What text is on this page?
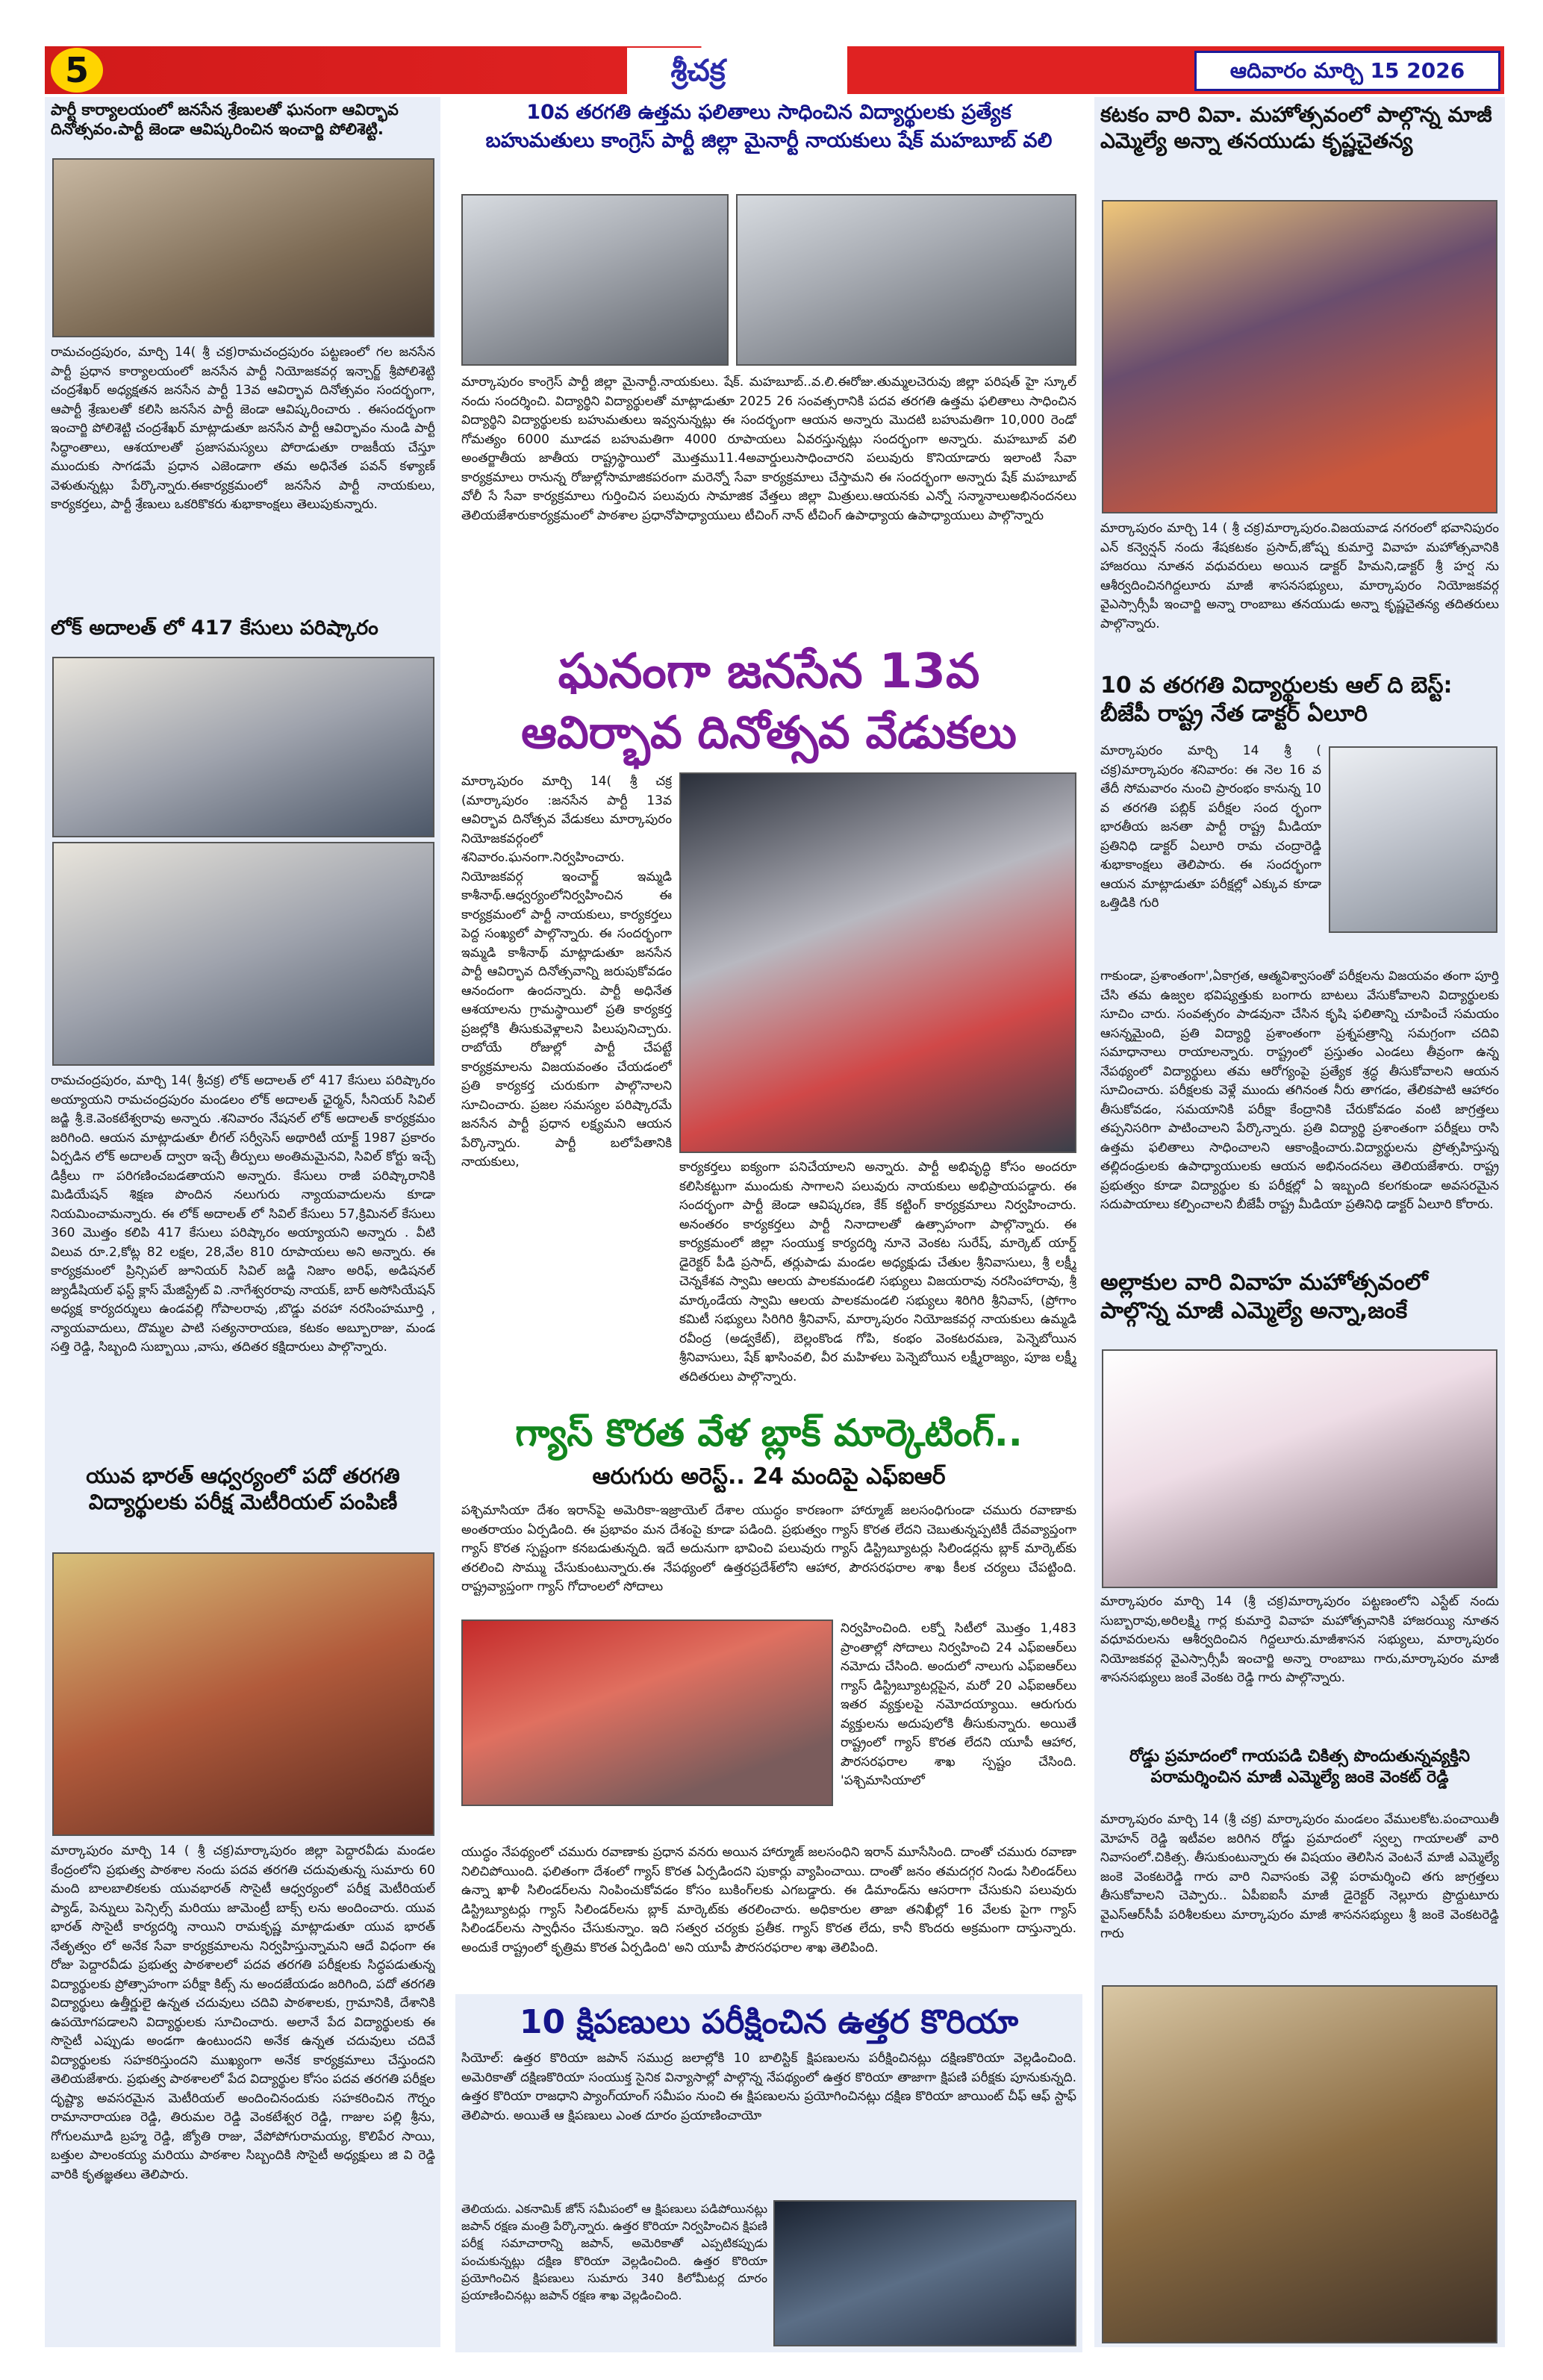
5	శ్రీచక్ర	ఆదివారం మార్చి 15 2026
పార్టీ కార్యాలయంలో జనసేన శ్రేణులతో ఘనంగా ఆవిర్భావ దినోత్సవం.పార్టీ జెండా ఆవిష్కరించిన ఇంచార్జి పోలిశెట్టి.
రామచంద్రపురం, మార్చి 14( శ్రీ చక్ర)రామచంద్రపురం పట్టణంలో గల జనసేన పార్టీ ప్రధాన కార్యాలయంలో జనసేన పార్టీ నియోజకవర్గ ఇన్చార్జ్ శ్రీపోలిశెట్టి చంద్రశేఖర్ అధ్యక్షతన జనసేన పార్టీ 13వ ఆవిర్భావ దినోత్సవం సందర్భంగా, ఆపార్టీ శ్రేణులతో కలిసి జనసేన పార్టీ జెండా ఆవిష్కరించారు . ఈసందర్భంగా ఇంచార్జి పోలిశెట్టి చంద్రశేఖర్ మాట్లాడుతూ జనసేన పార్టీ ఆవిర్భావం నుండి పార్టీ సిద్ధాంతాలు, ఆశయాలతో ప్రజాసమస్యలు పోరాడుతూ రాజకీయ చేస్తూ ముందుకు సాగడమే ప్రధాన ఎజెండాగా తమ అధినేత పవన్ కళ్యాణ్ వెళుతున్నట్లు పేర్కొన్నారు.ఈకార్యక్రమంలో జనసేన పార్టీ నాయకులు, కార్యకర్తలు, పార్టీ శ్రేణులు ఒకరికొకరు శుభాకాంక్షలు తెలుపుకున్నారు.
లోక్ అదాలత్ లో 417 కేసులు పరిష్కారం
రామచంద్రపురం, మార్చి 14( శ్రీచక్ర) లోక్ అదాలత్ లో 417 కేసులు పరిష్కారం అయ్యాయని రామచంద్రపురం మండలం లోక్ అదాలత్ ఛైర్మన్, సీనియర్ సివిల్ జడ్జి శ్రీ.కె.వెంకటేశ్వరావు అన్నారు .శనివారం నేషనల్ లోక్ అదాలత్ కార్యక్రమం జరిగింది. ఆయన మాట్లాడుతూ లీగల్ సర్వీసెస్ అథారిటీ యాక్ట్ 1987 ప్రకారం ఏర్పడిన లోక్ అదాలత్ ద్వారా ఇచ్చే తీర్పులు అంతిమమైనవి, సివిల్ కోర్టు ఇచ్చే డిక్రీలు గా పరిగణించబడతాయని అన్నారు. కేసులు రాజీ పరిష్కారానికి మిడియేషన్ శిక్షణ పొందిన నలుగురు న్యాయవాదులను కూడా నియమించామన్నారు. ఈ లోక్ అదాలత్ లో సివిల్ కేసులు 57,క్రిమినల్ కేసులు 360 మొత్తం కలిపి 417 కేసులు పరిష్కారం అయ్యాయని అన్నారు . వీటి విలువ రూ.2,కోట్ల 82 లక్షల, 28,వేల 810 రూపాయలు అని అన్నారు. ఈ కార్యక్రమంలో ప్రిన్సిపల్ జూనియర్ సివిల్ జడ్జి నిజాం అరిఫ్, అడిషనల్ జ్యుడీషియల్ ఫస్ట్ క్లాస్ మేజిస్ట్రేట్ వి .నాగేశ్వరరావు నాయక్, బార్ అసోసియేషన్ అధ్యక్ష కార్యదర్శులు ఉండవల్లి గోపాలరావు ,బొడ్డు వరహా నరసింహమూర్తి , న్యాయవాదులు, దొమ్మల పాటి సత్యనారాయణ, కటకం అబ్బూరాజు, మండ సత్తి రెడ్డి, సిబ్బంది సుబ్బాయి ,వాసు, తదితర కక్షిదారులు పాల్గొన్నారు.
యువ భారత్ ఆధ్వర్యంలో పదో తరగతి విద్యార్థులకు పరీక్ష మెటీరియల్ పంపిణీ
మార్కాపురం మార్చి 14 ( శ్రీ చక్ర)మార్కాపురం జిల్లా పెద్దారవీడు మండల కేంద్రంలోని ప్రభుత్వ పాఠశాల నందు పదవ తరగతి చదువుతున్న సుమారు 60 మంది బాలబాలికలకు యువభారత్ సొసైటీ ఆధ్వర్యంలో పరీక్ష మెటీరియల్ ప్యాడ్, పెన్నులు పెన్సిల్స్ మరియు జామెంట్రీ బాక్స్ లను అందించారు. యువ భారత్ సొసైటీ కార్యదర్శి నాయిని రామకృష్ణ మాట్లాడుతూ యువ భారత్ నేతృత్వం లో అనేక సేవా కార్యక్రమాలను నిర్వహిస్తున్నామని ఆదే విధంగా ఈ రోజు పెద్దారవీడు ప్రభుత్వ పాఠశాలలో పదవ తరగతి పరీక్షలకు సిద్ధపడుతున్న విద్యార్థులకు ప్రోత్సాహంగా పరీక్షా కిట్స్ ను అందజేయడం జరిగింది, పదో తరగతి విద్యార్థులు ఉత్తీర్ణులై ఉన్నత చదువులు చదివి పాఠశాలకు, గ్రామానికి, దేశానికి ఉపయోగపడాలని విద్యార్థులకు సూచించారు. అలానే పేద విద్యార్థులకు ఈ సొసైటీ ఎప్పుడు అండగా ఉంటుందని అనేక ఉన్నత చదువులు చదివే విద్యార్థులకు సహకరిస్తుందని ముఖ్యంగా అనేక కార్యక్రమాలు చేస్తుందని తెలియజేశారు. ప్రభుత్వ పాఠశాలలో పేద విద్యార్థుల కోసం పదవ తరగతి పరీక్షల దృష్ట్యా అవసరమైన మెటీరియల్ అందించినందుకు సహకరించిన గౌర్నం రామానారాయణ రెడ్డి, తిరుమల రెడ్డి వెంకటేశ్వర రెడ్డి, గాజుల పల్లి శ్రీను, గోగులమూడి బ్రహ్మ రెడ్డి, జ్యోతి రాజు, వేపోపోగురామయ్య, కొలిపేర సాయి, బత్తుల పాలంకయ్య మరియు పాఠశాల సిబ్బందికి సొసైటీ అధ్యక్షులు జి వి రెడ్డి వారికి కృతజ్ఞతలు తెలిపారు.
10వ తరగతి ఉత్తమ ఫలితాలు సాధించిన విద్యార్థులకు ప్రత్యేక
బహుమతులు కాంగ్రెస్ పార్టీ జిల్లా మైనార్టీ నాయకులు షేక్ మహబూబ్ వలి
మార్కాపురం కాంగ్రెస్ పార్టీ జిల్లా మైనార్టీ.నాయకులు. షేక్. మహబూబ్..వ.లి.ఈరోజు.తుమ్మలచెరువు జిల్లా పరిషత్ హై స్కూల్ నందు సందర్శించి. విద్యార్థిని విద్యార్థులతో మాట్లాడుతూ 2025 26 సంవత్సరానికి పదవ తరగతి ఉత్తమ ఫలితాలు సాధించిన విద్యార్థిని విద్యార్థులకు బహుమతులు ఇవ్వనున్నట్లు ఈ సందర్భంగా ఆయన అన్నారు మొదటి బహుమతిగా 10,000 రెండో గోమత్యం 6000 మూడవ బహుమతిగా 4000 రూపాయలు ఏవరస్తున్నట్లు సందర్భంగా అన్నారు. మహబూబ్ వలి అంతర్జాతీయ జాతీయ రాష్ట్రస్థాయిలో మొత్తము11.4అవార్డులుసాధించారని పలువురు కొనియాడారు ఇలాంటి సేవా కార్యక్రమాలు రానున్న రోజుల్లోసామాజికపరంగా మరెన్నో సేవా కార్యక్రమాలు చేస్తామని ఈ సందర్భంగా అన్నారు షేక్ మహబూబ్ వోలీ సే సేవా కార్యక్రమాలు గుర్తించిన పలువురు సామాజిక వేత్తలు జిల్లా మిత్రులు.ఆయనకు ఎన్నో సన్మానాలుఅభినందనలు తెలియజేశారుకార్యక్రమంలో పాఠశాల ప్రధానోపాధ్యాయులు టీచింగ్ నాన్ టీచింగ్ ఉపాధ్యాయ ఉపాధ్యాయులు పాల్గొన్నారు
ఘనంగా జనసేన 13వ
ఆవిర్భావ దినోత్సవ వేడుకలు
మార్కాపురం మార్చి 14( శ్రీ చక్ర (మార్కాపురం :జనసేన పార్టీ 13వ ఆవిర్భావ దినోత్సవ వేడుకలు మార్కాపురం నియోజకవర్గంలో శనివారం.ఘనంగా.నిర్వహించారు. నియోజకవర్గ ఇంచార్జ్ ఇమ్మడి కాశీనాథ్.ఆధ్వర్యంలోనిర్వహించిన ఈ కార్యక్రమంలో పార్టీ నాయకులు, కార్యకర్తలు పెద్ద సంఖ్యలో పాల్గొన్నారు. ఈ సందర్భంగా ఇమ్మడి కాశీనాథ్ మాట్లాడుతూ జనసేన పార్టీ ఆవిర్భావ దినోత్సవాన్ని జరుపుకోవడం ఆనందంగా ఉందన్నారు. పార్టీ అధినేత ఆశయాలను గ్రామస్థాయిలో ప్రతి కార్యకర్త ప్రజల్లోకి తీసుకువెళ్లాలని పిలుపునిచ్చారు. రాబోయే రోజుల్లో పార్టీ చేపట్టే కార్యక్రమాలను విజయవంతం చేయడంలో ప్రతి కార్యకర్త చురుకుగా పాల్గొనాలని సూచించారు. ప్రజల సమస్యల పరిష్కారమే జనసేన పార్టీ ప్రధాన లక్ష్యమని ఆయన పేర్కొన్నారు. పార్టీ బలోపేతానికి నాయకులు,	కార్యకర్తలు ఐక్యంగా పనిచేయాలని అన్నారు. పార్టీ అభివృద్ధి కోసం అందరూ కలిసికట్టుగా ముందుకు సాగాలని పలువురు నాయకులు అభిప్రాయపడ్డారు. ఈ సందర్భంగా పార్టీ జెండా ఆవిష్కరణ, కేక్ కట్టింగ్ కార్యక్రమాలు నిర్వహించారు. అనంతరం కార్యకర్తలు పార్టీ నినాదాలతో ఉత్సాహంగా పాల్గొన్నారు. ఈ కార్యక్రమంలో జిల్లా సంయుక్త కార్యదర్శి నూనె వెంకట సురేష్, మార్కెట్ యార్డ్ డైరెక్టర్ పీడి ప్రసాద్, తర్లుపాడు మండల అధ్యక్షుడు చేతుల శ్రీనివాసులు, శ్రీ లక్ష్మీ చెన్నకేశవ స్వామి ఆలయ పాలకమండలి సభ్యులు విజయరావు నరసింహారావు, శ్రీ మార్కండేయ స్వామి ఆలయ పాలకమండలి సభ్యులు శిరిగిరి శ్రీనివాస్, (ప్రోగాం కమిటీ సభ్యులు సిరిగిరి శ్రీనివాస్, మార్కాపురం నియోజకవర్గ నాయకులు ఉమ్మడి రవీంద్ర (అడ్వకేట్), బెల్లంకొండ గోపి, కంభం వెంకటరమణ, పెన్నెబోయిన శ్రీనివాసులు, షేక్ ఖాసింవలి, వీర మహిళలు పెన్నెబోయిన లక్ష్మీరాజ్యం, పూజ లక్ష్మీ తదితరులు పాల్గొన్నారు.
గ్యాస్ కొరత వేళ బ్లాక్ మార్కెటింగ్..
ఆరుగురు అరెస్ట్.. 24 మందిపై ఎఫ్ఐఆర్
పశ్చిమాసియా దేశం ఇరాన్‌పై అమెరికా-ఇజ్రాయెల్ దేశాల యుద్ధం కారణంగా హార్మూజ్ జలసంధిగుండా చమురు రవాణాకు అంతరాయం ఏర్పడింది. ఈ ప్రభావం మన దేశంపై కూడా పడింది. ప్రభుత్వం గ్యాస్ కొరత లేదని చెబుతున్నప్పటికీ దేవవ్యాప్తంగా గ్యాస్ కొరత స్పష్టంగా కనబడుతున్నది. ఇదే అదునుగా భావించి పలువురు గ్యాస్ డిస్ట్రిబ్యూటర్లు సిలిండర్లను బ్లాక్ మార్కెట్‌కు తరలించి సొమ్ము చేసుకుంటున్నారు.ఈ నేపథ్యంలో ఉత్తరప్రదేశ్‌లోని ఆహార, పౌరసరఫరాల శాఖ కీలక చర్యలు చేపట్టింది. రాష్ట్రవ్యాప్తంగా గ్యాస్ గోదాంలలో సోదాలు
నిర్వహించింది. లక్నో సిటీలో మొత్తం 1,483 ప్రాంతాల్లో సోదాలు నిర్వహించి 24 ఎఫ్ఐఆర్‌లు నమోదు చేసింది. అందులో నాలుగు ఎఫ్ఐఆర్‌లు గ్యాస్ డిస్ట్రిబ్యూటర్లపైన, మరో 20 ఎఫ్ఐఆర్‌లు ఇతర వ్యక్తులపై నమోదయ్యాయి. ఆరుగురు వ్యక్తులను అదుపులోకి తీసుకున్నారు. అయితే రాష్ట్రంలో గ్యాస్ కొరత లేదని యూపీ ఆహార, పౌరసరఫరాల శాఖ స్పష్టం చేసింది. 'పశ్చిమాసియాలో
యుద్ధం నేపథ్యంలో చమురు రవాణాకు ప్రధాన వనరు అయిన హార్మూజ్ జలసంధిని ఇరాన్ మూసేసింది. దాంతో చమురు రవాణా నిలిచిపోయింది. ఫలితంగా దేశంలో గ్యాస్ కొరత ఏర్పడిందని పుకార్లు వ్యాపించాయి. దాంతో జనం తమదగ్గర నిండు సిలిండర్‌లు ఉన్నా ఖాళీ సిలిండర్‌లను నింపించుకోవడం కోసం బుకింగ్‌లకు ఎగబడ్డారు. ఈ డిమాండ్‌ను ఆసరాగా చేసుకుని పలువురు డిస్ట్రిబ్యూటర్లు గ్యాస్ సిలిండర్‌లను బ్లాక్ మార్కెట్‌కు తరలించారు. అధికారుల తాజా తనిఖీల్లో 16 వేలకు పైగా గ్యాస్ సిలిండర్‌లను స్వాధీనం చేసుకున్నాం. ఇది సత్వర చర్యకు ప్రతీక. గ్యాస్ కొరత లేదు, కానీ కొందరు అక్రమంగా దాస్తున్నారు. అందుకే రాష్ట్రంలో కృత్రిమ కొరత ఏర్పడింది' అని యూపీ పౌరసరఫరాల శాఖ తెలిపింది.
10 క్షిపణులు పరీక్షించిన ఉత్తర కొరియా
సియోల్: ఉత్తర కొరియా జపాన్ సముద్ర జలాల్లోకి 10 బాలిస్టిక్ క్షిపణులను పరీక్షించినట్లు దక్షిణకొరియా వెల్లడించింది. అమెరికాతో దక్షిణకొరియా సంయుక్త సైనిక విన్యాసాల్లో పాల్గొన్న నేపథ్యంలో ఉత్తర కొరియా తాజాగా క్షిపణి పరీక్షకు పూనుకున్నది. ఉత్తర కొరియా రాజధాని ప్యాంగ్‌యాంగ్ సమీపం నుంచి ఈ క్షిపణులను ప్రయోగించినట్లు దక్షిణ కొరియా జాయింట్ చీఫ్ ఆఫ్ స్టాఫ్ తెలిపారు. అయితే ఆ క్షిపణులు ఎంత దూరం ప్రయాణించాయో
తెలియదు. ఎకనామిక్ జోన్ సమీపంలో ఆ క్షిపణులు పడిపోయినట్లు జపాన్ రక్షణ మంత్రి పేర్కొన్నారు. ఉత్తర కొరియా నిర్వహించిన క్షిపణి పరీక్ష సమాచారాన్ని జపాన్, అమెరికాతో ఎప్పటికప్పుడు పంచుకున్నట్లు దక్షిణ కొరియా వెల్లడించింది. ఉత్తర కొరియా ప్రయోగించిన క్షిపణులు సుమారు 340 కిలోమీటర్ల దూరం ప్రయాణించినట్లు జపాన్ రక్షణ శాఖ వెల్లడించింది.
కటకం వారి వివా. మహోత్సవంలో పాల్గొన్న మాజీ ఎమ్మెల్యే అన్నా తనయుడు కృష్ణచైతన్య
మార్కాపురం మార్చి 14 ( శ్రీ చక్ర)మార్కాపురం.విజయవాడ నగరంలో భవానిపురం ఎన్ కన్వెన్షన్ నందు శేషకటకం ప్రసాద్,జోష్న కుమార్తె వివాహ మహోత్సవానికి హాజరయి నూతన వధువరులు అయిన డాక్టర్ హిమని,డాక్టర్ శ్రీ హర్ష ను ఆశీర్వదించినగిద్దలూరు మాజీ శాసనసభ్యులు, మార్కాపురం నియోజకవర్గ వైఎస్సార్సీపీ ఇంచార్జి అన్నా రాంబాబు తనయుడు అన్నా కృష్ణచైతన్య తదితరులు పాల్గొన్నారు.
10 వ తరగతి విద్యార్థులకు ఆల్ ది బెస్ట్: బీజేపీ రాష్ట్ర నేత డాక్టర్ ఏలూరి
మార్కాపురం మార్చి 14 శ్రీ ( చక్ర)మార్కాపురం శనివారం: ఈ నెల 16 వ తేదీ సోమవారం నుంచి ప్రారంభం కానున్న 10 వ తరగతి పబ్లిక్ పరీక్షల సంద ర్భంగా భారతీయ జనతా పార్టీ రాష్ట్ర మీడియా ప్రతినిధి డాక్టర్ ఏలూరి రామ చంద్రారెడ్డి శుభాకాంక్షలు తెలిపారు. ఈ సందర్భంగా ఆయన మాట్లాడుతూ పరీక్షల్లో ఎక్కువ కూడా ఒత్తిడికి గురి
గాకుండా, ప్రశాంతంగా',ఏకాగ్రత, ఆత్మవిశ్వాసంతో పరీక్షలను విజయవం తంగా పూర్తి చేసి తమ ఉజ్వల భవిష్యత్తుకు బంగారు బాటలు వేసుకోవాలని విద్యార్థులకు సూచిం చారు. సంవత్సరం పాడవునా చేసిన కృషి ఫలితాన్ని చూపించే సమయం ఆసన్నమైంది, ప్రతి విద్యార్థి ప్రశాంతంగా ప్రశ్నపత్రాన్ని సమగ్రంగా చదివి సమాధానాలు రాయాలన్నారు. రాష్ట్రంలో ప్రస్తుతం ఎండలు తీవ్రంగా ఉన్న నేపథ్యంలో విద్యార్థులు తమ ఆరోగ్యంపై ప్రత్యేక శ్రద్ధ తీసుకోవాలని ఆయన సూచించారు. పరీక్షలకు వెళ్లే ముందు తగినంత నీరు తాగడం, తేలికపాటి ఆహారం తీసుకోవడం, సమయానికి పరీక్షా కేంద్రానికి చేరుకోవడం వంటి జాగ్రత్తలు తప్పనిసరిగా పాటించాలని పేర్కొన్నారు. ప్రతి విద్యార్థి ప్రశాంతంగా పరీక్షలు రాసి ఉత్తమ ఫలితాలు సాధించాలని ఆకాంక్షించారు.విద్యార్థులను ప్రోత్సహిస్తున్న తల్లిదండ్రులకు ఉపాధ్యాయులకు ఆయన అభినందనలు తెలియజేశారు. రాష్ట్ర ప్రభుత్వం కూడా విద్యార్థుల కు పరీక్షల్లో ఏ ఇబ్బంది కలగకుండా అవసరమైన సదుపాయాలు కల్పించాలని బీజేపీ రాష్ట్ర మీడియా ప్రతినిధి డాక్టర్ ఏలూరి కోరారు.
అల్లాకుల వారి వివాహ మహోత్సవంలో పాల్గొన్న మాజీ ఎమ్మెల్యే అన్నా,జంకే
మార్కాపురం మార్చి 14 (శ్రీ చక్ర)మార్కాపురం పట్టణంలోని ఎస్టేట్ నందు సుబ్బారావు,అరిలక్ష్మి గార్ల కుమార్తె వివాహ మహోత్సవానికి హాజరయ్యి నూతన వధూవరులను ఆశీర్వదించిన గిద్దలూరు.మాజీశాసన సభ్యులు, మార్కాపురం నియోజకవర్గ వైఎస్సార్సీపీ ఇంచార్జి అన్నా రాంబాబు గారు,మార్కాపురం మాజీ శాసనసభ్యులు జంకే వెంకట రెడ్డి గారు పాల్గొన్నారు.
రోడ్డు ప్రమాదంలో గాయపడి చికిత్స పొందుతున్నవ్యక్తిని పరామర్శించిన మాజీ ఎమ్మెల్యే జంకె వెంకట్ రెడ్డి
మార్కాపురం మార్చి 14 (శ్రీ చక్ర) మార్కాపురం మండలం వేములకోట.పంచాయితీ మోహన్ రెడ్డి ఇటీవల జరిగిన రోడ్డు ప్రమాదంలో స్వల్ప గాయాలతో వారి నివాసంలో.చికిత్స. తీసుకుంటున్నారు ఈ విషయం తెలిసిన వెంటనే మాజీ ఎమ్మెల్యే జంకె వెంకటరెడ్డి గారు వారి నివాసంకు వెళ్లి పరామర్శించి తగు జాగ్రత్తలు తీసుకోవాలని చెప్పారు.. ఏపీఐఐసీ మాజీ డైరెక్టర్ నెల్లూరు ప్రొద్దుటూరు వైఎస్ఆర్‌సీపీ పరిశీలకులు మార్కాపురం మాజీ శాసనసభ్యులు శ్రీ జంకె వెంకటరెడ్డి గారు
